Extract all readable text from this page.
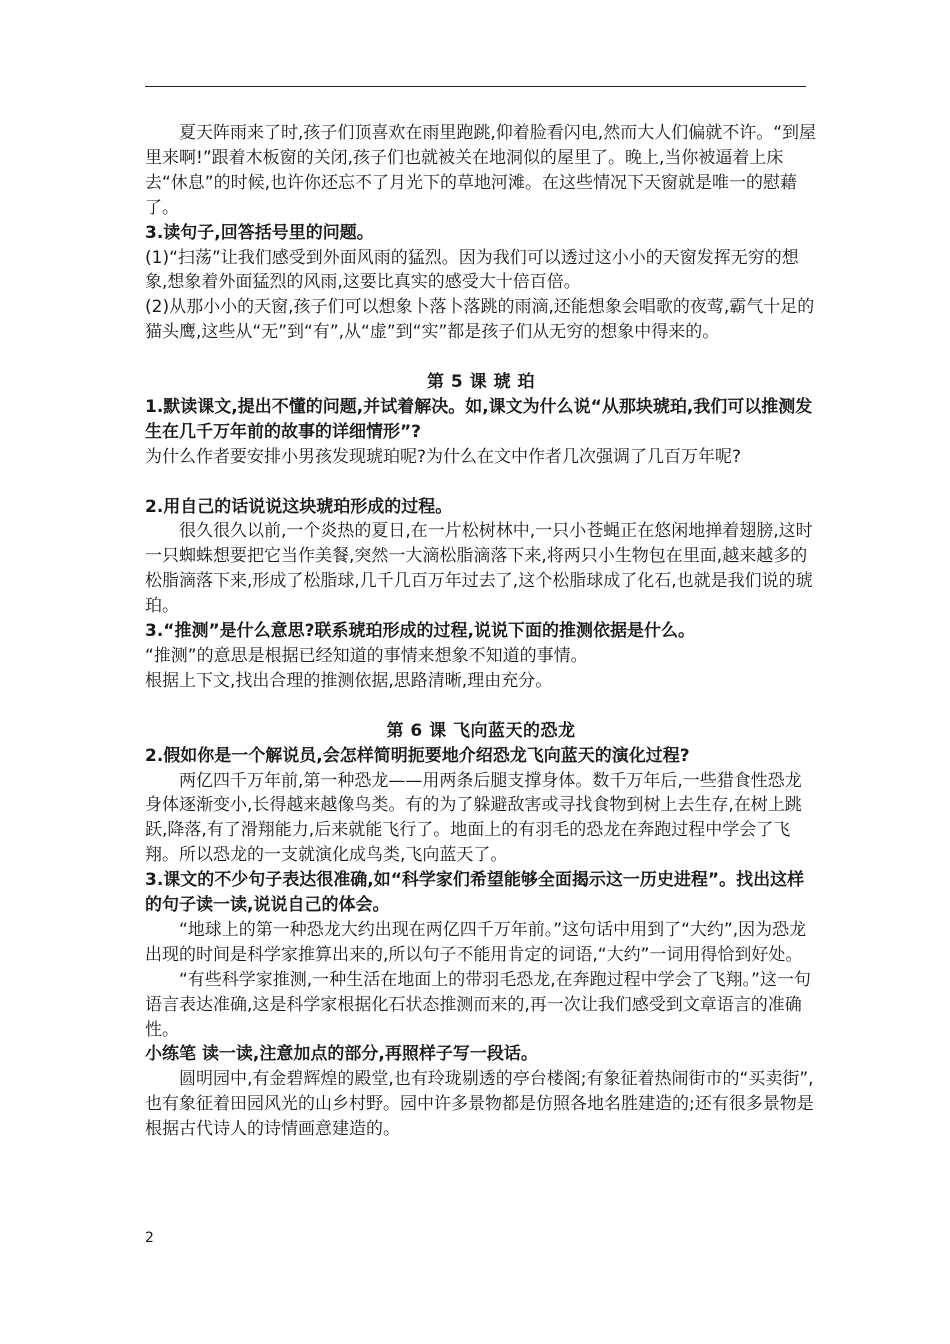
夏天阵雨来了时,孩子们顶喜欢在雨里跑跳,仰着脸看闪电,然而大人们偏就不许。“到屋里来啊!”跟着木板窗的关闭,孩子们也就被关在地洞似的屋里了。晚上,当你被逼着上床去“休息”的时候,也许你还忘不了月光下的草地河滩。在这些情况下天窗就是唯一的慰藉了。

3.读句子,回答括号里的问题。

(1)“扫荡”让我们感受到外面风雨的猛烈。因为我们可以透过这小小的天窗发挥无穷的想象,想象着外面猛烈的风雨,这要比真实的感受大十倍百倍。

(2)从那小小的天窗,孩子们可以想象卜落卜落跳的雨滴,还能想象会唱歌的夜莺,霸气十足的猫头鹰,这些从“无”到“有”,从“虚”到“实”都是孩子们从无穷的想象中得来的。

第 5 课 琥 珀

1.默读课文,提出不懂的问题,并试着解决。如,课文为什么说“从那块琥珀,我们可以推测发生在几千万年前的故事的详细情形”?

为什么作者要安排小男孩发现琥珀呢?为什么在文中作者几次强调了几百万年呢?

2.用自己的话说说这块琥珀形成的过程。

很久很久以前,一个炎热的夏日,在一片松树林中,一只小苍蝇正在悠闲地掸着翅膀,这时一只蜘蛛想要把它当作美餐,突然一大滴松脂滴落下来,将两只小生物包在里面,越来越多的松脂滴落下来,形成了松脂球,几千几百万年过去了,这个松脂球成了化石,也就是我们说的琥珀。

3.“推测”是什么意思?联系琥珀形成的过程,说说下面的推测依据是什么。

“推测”的意思是根据已经知道的事情来想象不知道的事情。

根据上下文,找出合理的推测依据,思路清晰,理由充分。

第 6 课 飞向蓝天的恐龙

2.假如你是一个解说员,会怎样简明扼要地介绍恐龙飞向蓝天的演化过程?

两亿四千万年前,第一种恐龙——用两条后腿支撑身体。数千万年后,一些猎食性恐龙身体逐渐变小,长得越来越像鸟类。有的为了躲避敌害或寻找食物到树上去生存,在树上跳跃,降落,有了滑翔能力,后来就能飞行了。地面上的有羽毛的恐龙在奔跑过程中学会了飞翔。所以恐龙的一支就演化成鸟类,飞向蓝天了。

3.课文的不少句子表达很准确,如“科学家们希望能够全面揭示这一历史进程”。找出这样的句子读一读,说说自己的体会。

“地球上的第一种恐龙大约出现在两亿四千万年前。”这句话中用到了“大约”,因为恐龙出现的时间是科学家推算出来的,所以句子不能用肯定的词语,“大约”一词用得恰到好处。

“有些科学家推测,一种生活在地面上的带羽毛恐龙,在奔跑过程中学会了飞翔。”这一句语言表达准确,这是科学家根据化石状态推测而来的,再一次让我们感受到文章语言的准确性。

小练笔 读一读,注意加点的部分,再照样子写一段话。

圆明园中,有金碧辉煌的殿堂,也有玲珑剔透的亭台楼阁;有象征着热闹街市的“买卖街”,也有象征着田园风光的山乡村野。园中许多景物都是仿照各地名胜建造的;还有很多景物是根据古代诗人的诗情画意建造的。

2
